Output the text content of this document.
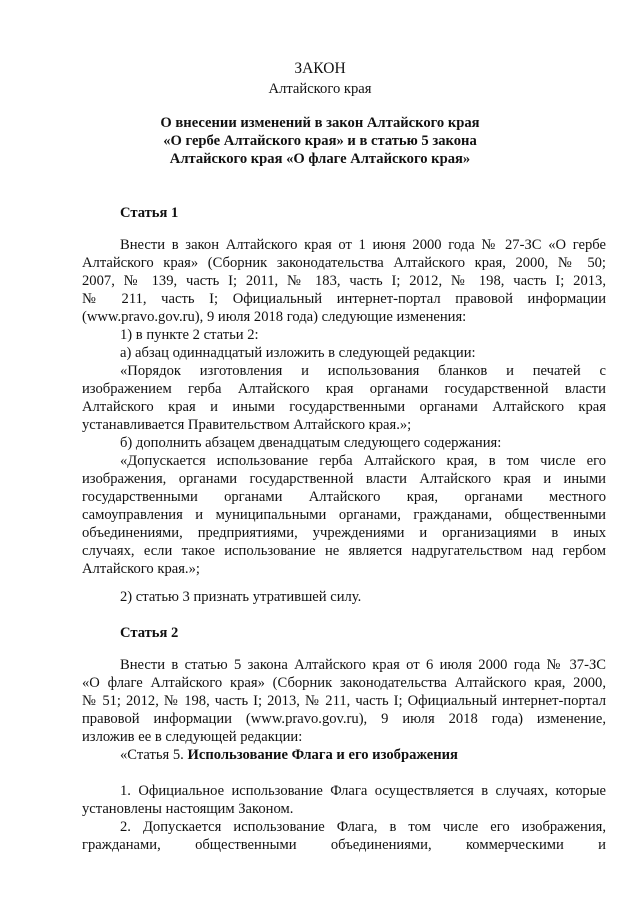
ЗАКОН
Алтайского края
О внесении изменений в закон Алтайского края
«О гербе Алтайского края» и в статью 5 закона
Алтайского края «О флаге Алтайского края»
Статья 1
Внести в закон Алтайского края от 1 июня 2000 года № 27-ЗС «О гербе
Алтайского края» (Сборник законодательства Алтайского края, 2000, № 50;
2007, № 139, часть I; 2011, № 183, часть I; 2012, № 198, часть I; 2013,
№ 211, часть I; Официальный интернет-портал правовой информации
(www.pravo.gov.ru), 9 июля 2018 года) следующие изменения:
1) в пункте 2 статьи 2:
а) абзац одиннадцатый изложить в следующей редакции:
«Порядок изготовления и использования бланков и печатей с
изображением герба Алтайского края органами государственной власти
Алтайского края и иными государственными органами Алтайского края
устанавливается Правительством Алтайского края.»;
б) дополнить абзацем двенадцатым следующего содержания:
«Допускается использование герба Алтайского края, в том числе его
изображения, органами государственной власти Алтайского края и иными
государственными органами Алтайского края, органами местного
самоуправления и муниципальными органами, гражданами, общественными
объединениями, предприятиями, учреждениями и организациями в иных
случаях, если такое использование не является надругательством над гербом
Алтайского края.»;
2) статью 3 признать утратившей силу.
Статья 2
Внести в статью 5 закона Алтайского края от 6 июля 2000 года № 37-ЗС
«О флаге Алтайского края» (Сборник законодательства Алтайского края, 2000,
№ 51; 2012, № 198, часть I; 2013, № 211, часть I; Официальный интернет-портал
правовой информации (www.pravo.gov.ru), 9 июля 2018 года) изменение,
изложив ее в следующей редакции:
«Статья 5. Использование Флага и его изображения
1. Официальное использование Флага осуществляется в случаях, которые
установлены настоящим Законом.
2. Допускается использование Флага, в том числе его изображения,
гражданами, общественными объединениями, коммерческими и
